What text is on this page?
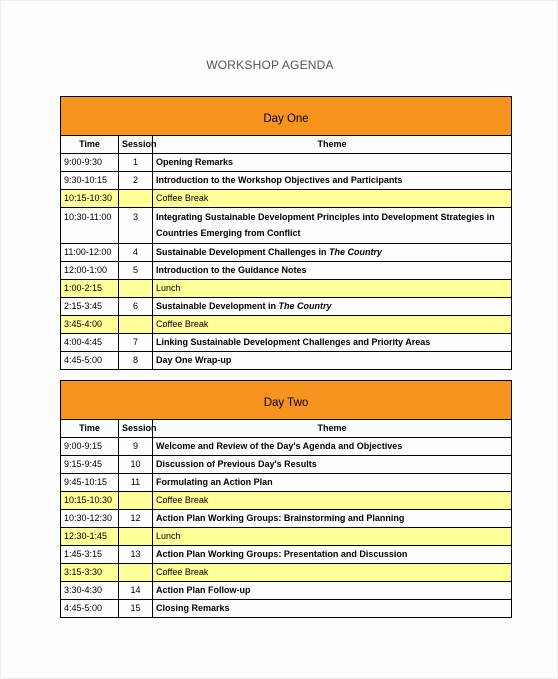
WORKSHOP AGENDA
Day One		
Time	Session	Theme
9:00-9:30	1	Opening Remarks
9:30-10:15	2	Introduction to the Workshop Objectives and Participants
10:15-10:30		Coffee Break
10:30-11:00	3	Integrating Sustainable Development Principles into Development Strategies in Countries Emerging from Conflict
11:00-12:00	4	Sustainable Development Challenges in The Country
12:00-1:00	5	Introduction to the Guidance Notes
1:00-2:15		Lunch
2:15-3:45	6	Sustainable Development in The Country
3:45-4:00		Coffee Break
4:00-4:45	7	Linking Sustainable Development Challenges and Priority Areas
4:45-5:00	8	Day One Wrap-up
Day Two		
Time	Session	Theme
9:00-9:15	9	Welcome and Review of the Day's Agenda and Objectives
9:15-9:45	10	Discussion of Previous Day's Results
9:45-10:15	11	Formulating an Action Plan
10:15-10:30		Coffee Break
10:30-12:30	12	Action Plan Working Groups: Brainstorming and Planning
12:30-1:45		Lunch
1:45-3:15	13	Action Plan Working Groups: Presentation and Discussion
3:15-3:30		Coffee Break
3:30-4:30	14	Action Plan Follow-up
4:45-5:00	15	Closing Remarks
